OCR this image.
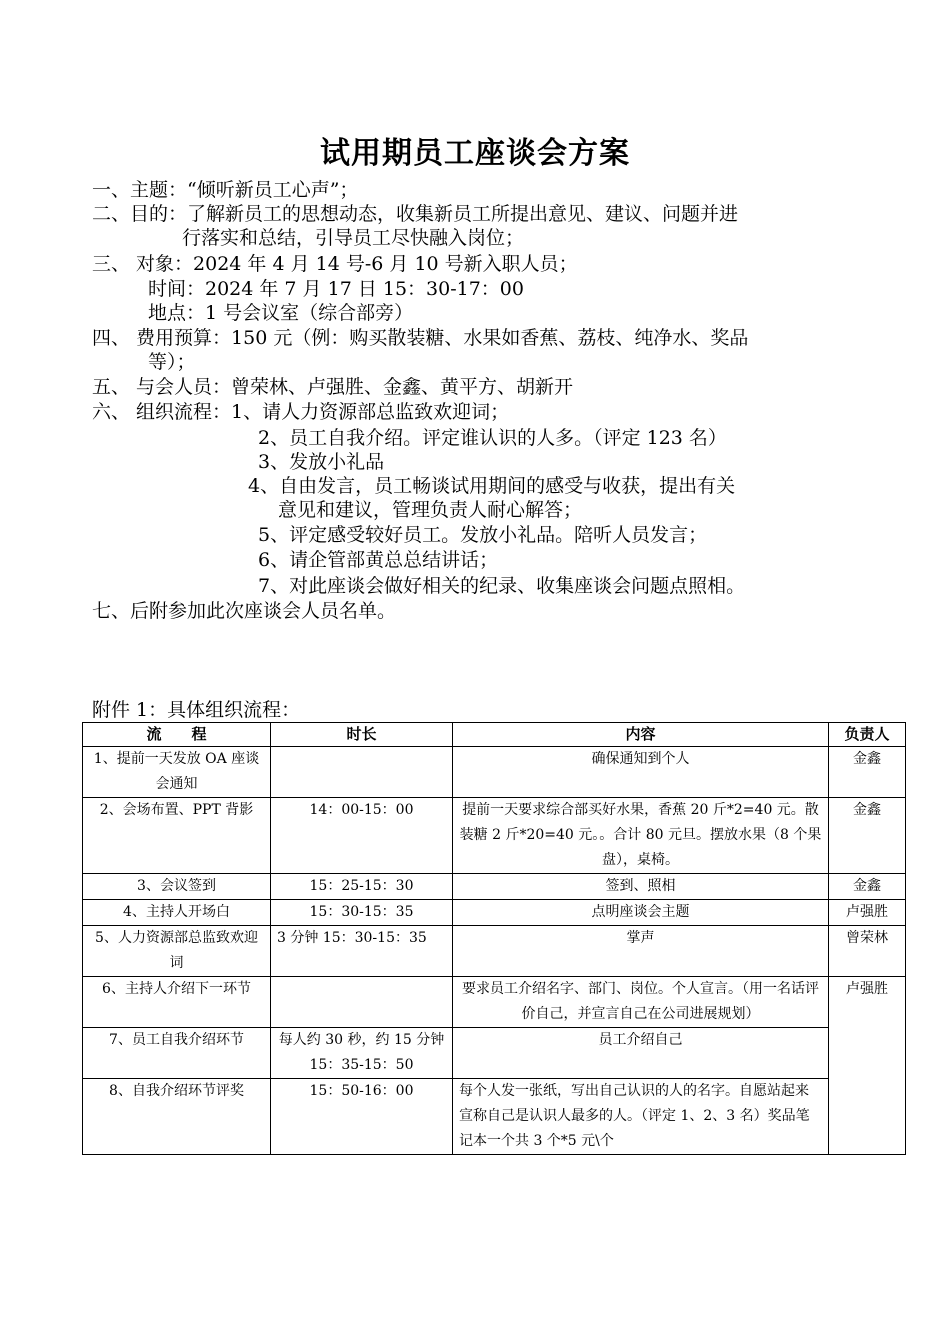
试用期员工座谈会方案
一、主题：“倾听新员工心声”；
二、目的：了解新员工的思想动态，收集新员工所提出意见、建议、问题并进
行落实和总结，引导员工尽快融入岗位；
三、 对象：2024 年 4 月 14 号-6 月 10 号新入职人员；
时间：2024 年 7 月 17 日 15：30-17：00
地点：1 号会议室（综合部旁）
四、 费用预算：150 元（例：购买散装糖、水果如香蕉、荔枝、纯净水、奖品
等）；
五、 与会人员：曾荣林、卢强胜、金鑫、黄平方、胡新开
六、 组织流程：1、请人力资源部总监致欢迎词；
2、员工自我介绍。评定谁认识的人多。（评定 123 名）
3、发放小礼品
4、自由发言，员工畅谈试用期间的感受与收获，提出有关
意见和建议，管理负责人耐心解答；
5、评定感受较好员工。发放小礼品。陪听人员发言；
6、请企管部黄总总结讲话；
7、对此座谈会做好相关的纪录、收集座谈会问题点照相。
七、后附参加此次座谈会人员名单。
附件 1：具体组织流程：
流　　程	时长	内容	负责人
1、提前一天发放 OA 座谈会通知		确保通知到个人	金鑫
2、会场布置、PPT 背影	14：00-15：00	提前一天要求综合部买好水果，香蕉 20 斤*2=40 元。散装糖 2 斤*20=40 元。。合计 80 元旦。摆放水果（8 个果盘），桌椅。	金鑫
3、会议签到	15：25-15：30	签到、照相	金鑫
4、主持人开场白	15：30-15：35	点明座谈会主题	卢强胜
5、人力资源部总监致欢迎词	3 分钟 15：30-15：35	掌声	曾荣林
6、主持人介绍下一环节		要求员工介绍名字、部门、岗位。个人宣言。（用一名话评价自己，并宣言自己在公司进展规划）	卢强胜
7、员工自我介绍环节	每人约 30 秒，约 15 分钟
15：35-15：50	员工介绍自己	
8、自我介绍环节评奖	15：50-16：00	每个人发一张纸，写出自己认识的人的名字。自愿站起来宣称自己是认识人最多的人。（评定 1、2、3 名）奖品笔记本一个共 3 个*5 元\个	
